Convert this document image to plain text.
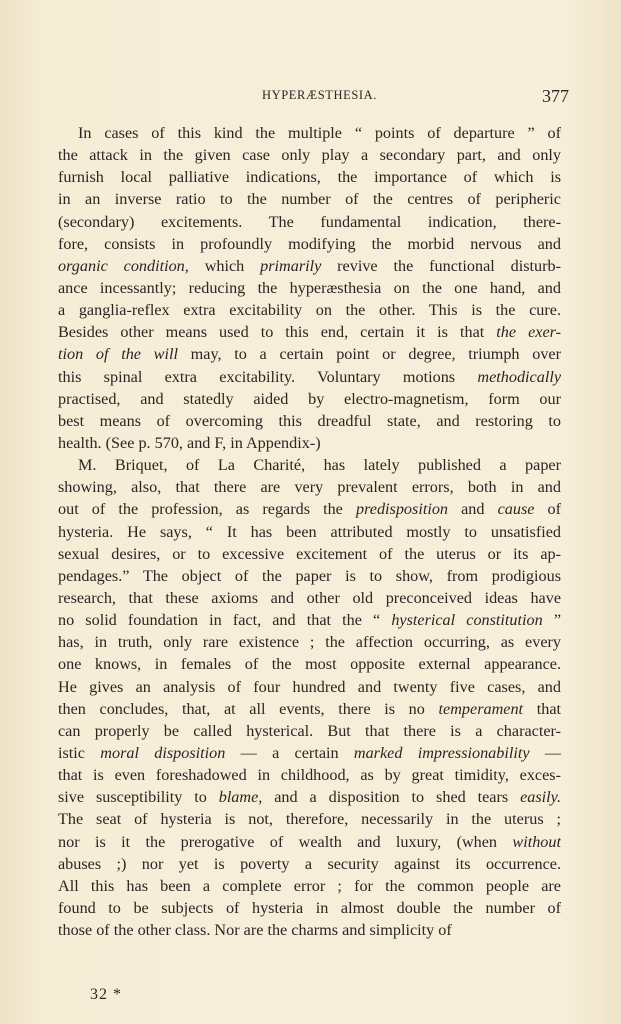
HYPERÆSTHESIA.	377
In cases of this kind the multiple “ points of departure ” of
the attack in the given case only play a secondary part, and only
furnish local palliative indications, the importance of which is
in an inverse ratio to the number of the centres of peripheric
(secondary) excitements. The fundamental indication, there-
fore, consists in profoundly modifying the morbid nervous and
organic condition, which primarily revive the functional disturb-
ance incessantly; reducing the hyperæsthesia on the one hand, and
a ganglia-reflex extra excitability on the other. This is the cure.
Besides other means used to this end, certain it is that the exer-
tion of the will may, to a certain point or degree, triumph over
this spinal extra excitability. Voluntary motions methodically
practised, and statedly aided by electro-magnetism, form our
best means of overcoming this dreadful state, and restoring to
health. (See p. 570, and F, in Appendix-)
M. Briquet, of La Charité, has lately published a paper
showing, also, that there are very prevalent errors, both in and
out of the profession, as regards the predisposition and cause of
hysteria. He says, “ It has been attributed mostly to unsatisfied
sexual desires, or to excessive excitement of the uterus or its ap-
pendages.” The object of the paper is to show, from prodigious
research, that these axioms and other old preconceived ideas have
no solid foundation in fact, and that the “ hysterical constitution ”
has, in truth, only rare existence ; the affection occurring, as every
one knows, in females of the most opposite external appearance.
He gives an analysis of four hundred and twenty five cases, and
then concludes, that, at all events, there is no temperament that
can properly be called hysterical. But that there is a character-
istic moral disposition — a certain marked impressionability —
that is even foreshadowed in childhood, as by great timidity, exces-
sive susceptibility to blame, and a disposition to shed tears easily.
The seat of hysteria is not, therefore, necessarily in the uterus ;
nor is it the prerogative of wealth and luxury, (when without
abuses ;) nor yet is poverty a security against its occurrence.
All this has been a complete error ; for the common people are
found to be subjects of hysteria in almost double the number of
those of the other class. Nor are the charms and simplicity of
32 *
